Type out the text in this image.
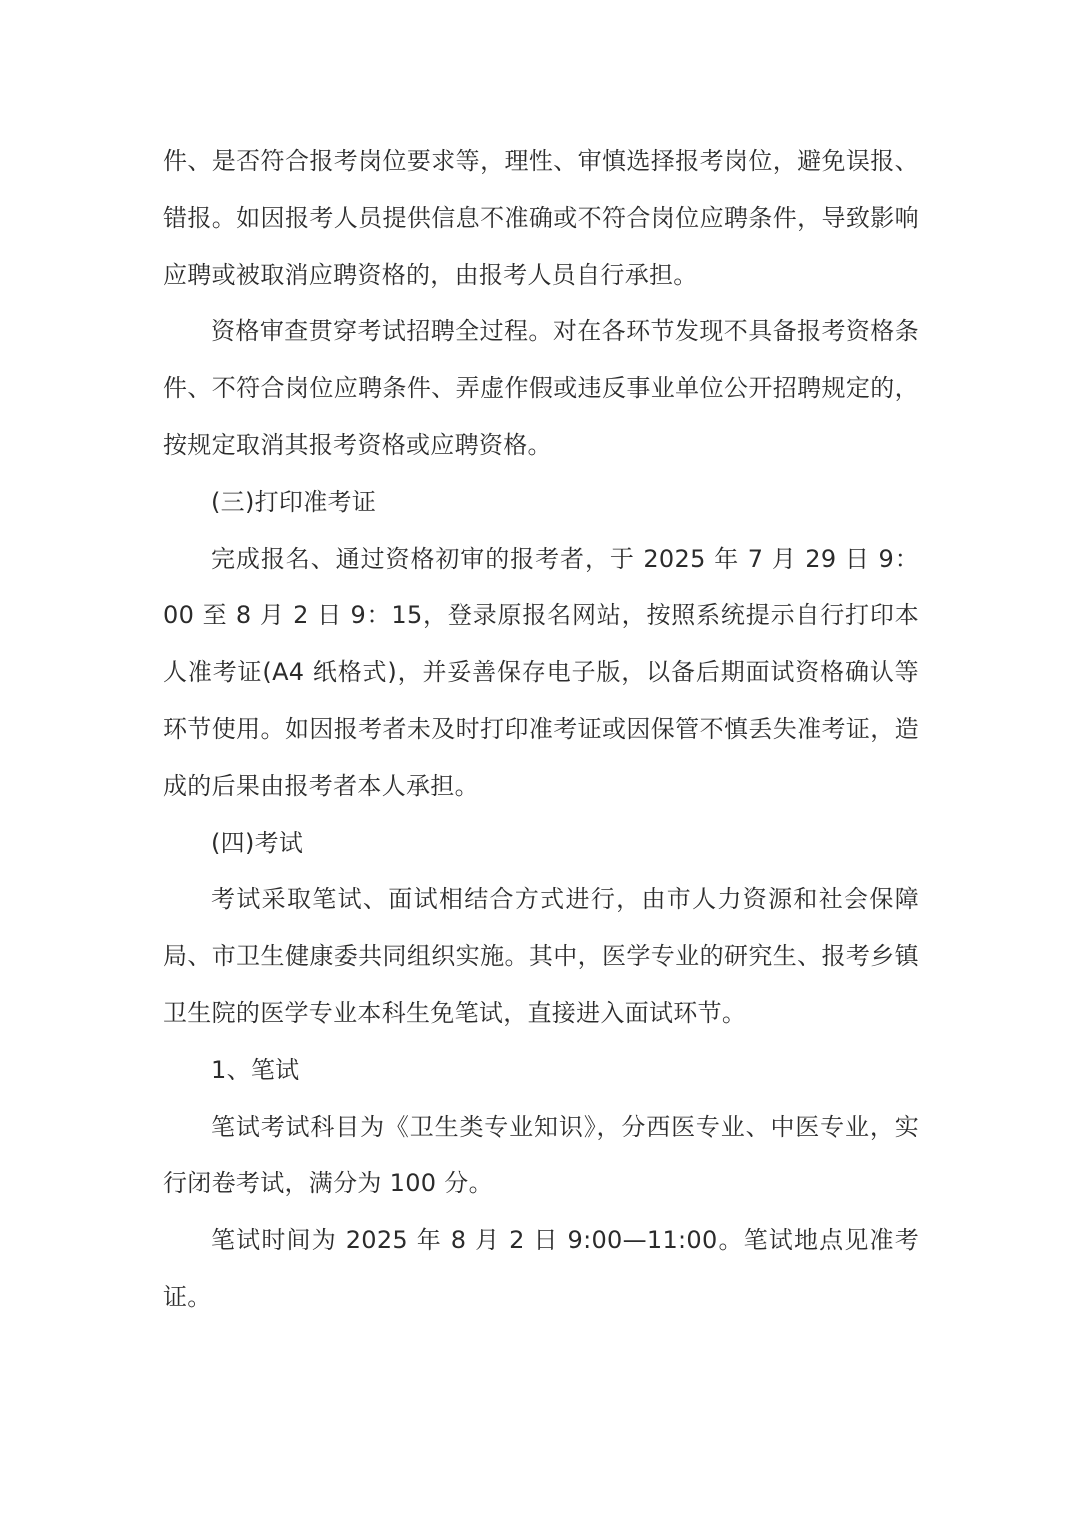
件、是否符合报考岗位要求等，理性、审慎选择报考岗位，避免误报、错报。如因报考人员提供信息不准确或不符合岗位应聘条件，导致影响应聘或被取消应聘资格的，由报考人员自行承担。

资格审查贯穿考试招聘全过程。对在各环节发现不具备报考资格条件、不符合岗位应聘条件、弄虚作假或违反事业单位公开招聘规定的，按规定取消其报考资格或应聘资格。

(三)打印准考证

完成报名、通过资格初审的报考者，于 2025 年 7 月 29 日 9：00 至 8 月 2 日 9：15，登录原报名网站，按照系统提示自行打印本人准考证(A4 纸格式)，并妥善保存电子版，以备后期面试资格确认等环节使用。如因报考者未及时打印准考证或因保管不慎丢失准考证，造成的后果由报考者本人承担。

(四)考试

考试采取笔试、面试相结合方式进行，由市人力资源和社会保障局、市卫生健康委共同组织实施。其中，医学专业的研究生、报考乡镇卫生院的医学专业本科生免笔试，直接进入面试环节。

1、笔试

笔试考试科目为《卫生类专业知识》，分西医专业、中医专业，实行闭卷考试，满分为 100 分。

笔试时间为 2025 年 8 月 2 日 9:00—11:00。笔试地点见准考证。
